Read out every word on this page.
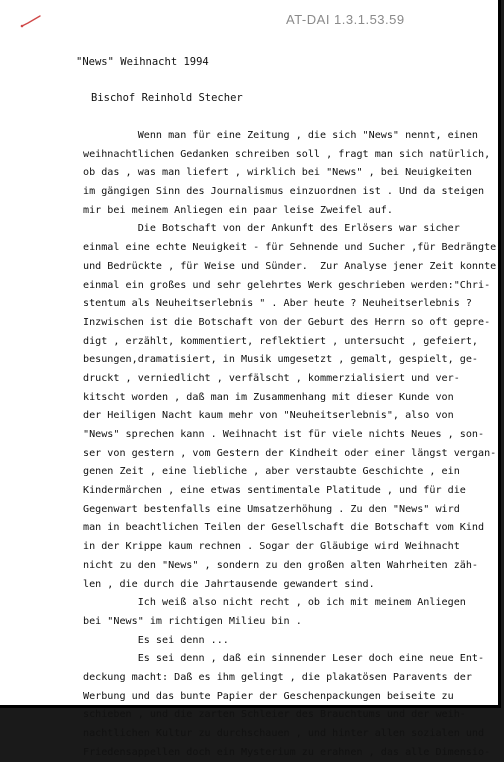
AT-DAI 1.3.1.53.59
"News" Weihnacht 1994
Bischof Reinhold Stecher
Wenn man für eine Zeitung , die sich "News" nennt, einen
weihnachtlichen Gedanken schreiben soll , fragt man sich natürlich,
ob das , was man liefert , wirklich bei "News" , bei Neuigkeiten
im gängigen Sinn des Journalismus einzuordnen ist . Und da steigen
mir bei meinem Anliegen ein paar leise Zweifel auf.
Die Botschaft von der Ankunft des Erlösers war sicher
einmal eine echte Neuigkeit - für Sehnende und Sucher ,für Bedrängte
und Bedrückte , für Weise und Sünder.  Zur Analyse jener Zeit konnte
einmal ein großes und sehr gelehrtes Werk geschrieben werden:"Chri-
stentum als Neuheitserlebnis " . Aber heute ? Neuheitserlebnis ?
Inzwischen ist die Botschaft von der Geburt des Herrn so oft gepre-
digt , erzählt, kommentiert, reflektiert , untersucht , gefeiert,
besungen,dramatisiert, in Musik umgesetzt , gemalt, gespielt, ge-
druckt , verniedlicht , verfälscht , kommerzialisiert und ver-
kitscht worden , daß man im Zusammenhang mit dieser Kunde von
der Heiligen Nacht kaum mehr von "Neuheitserlebnis", also von
"News" sprechen kann . Weihnacht ist für viele nichts Neues , son-
ser von gestern , vom Gestern der Kindheit oder einer längst vergan-
genen Zeit , eine liebliche , aber verstaubte Geschichte , ein
Kindermärchen , eine etwas sentimentale Platitude , und für die
Gegenwart bestenfalls eine Umsatzerhöhung . Zu den "News" wird
man in beachtlichen Teilen der Gesellschaft die Botschaft vom Kind
in der Krippe kaum rechnen . Sogar der Gläubige wird Weihnacht
nicht zu den "News" , sondern zu den großen alten Wahrheiten zäh-
len , die durch die Jahrtausende gewandert sind.
Ich weiß also nicht recht , ob ich mit meinem Anliegen
bei "News" im richtigen Milieu bin .
Es sei denn ...
Es sei denn , daß ein sinnender Leser doch eine neue Ent-
deckung macht: Daß es ihm gelingt , die plakatösen Paravents der
Werbung und das bunte Papier der Geschenpackungen beiseite zu
schieben , und die zarten Schleier des Brauchtums und der weih-
nachtlichen Kultur zu durchschauen , und hinter allen sozialen und
Friedensappellen doch ein Mysterium zu erahnen , das alle Dimensio-
